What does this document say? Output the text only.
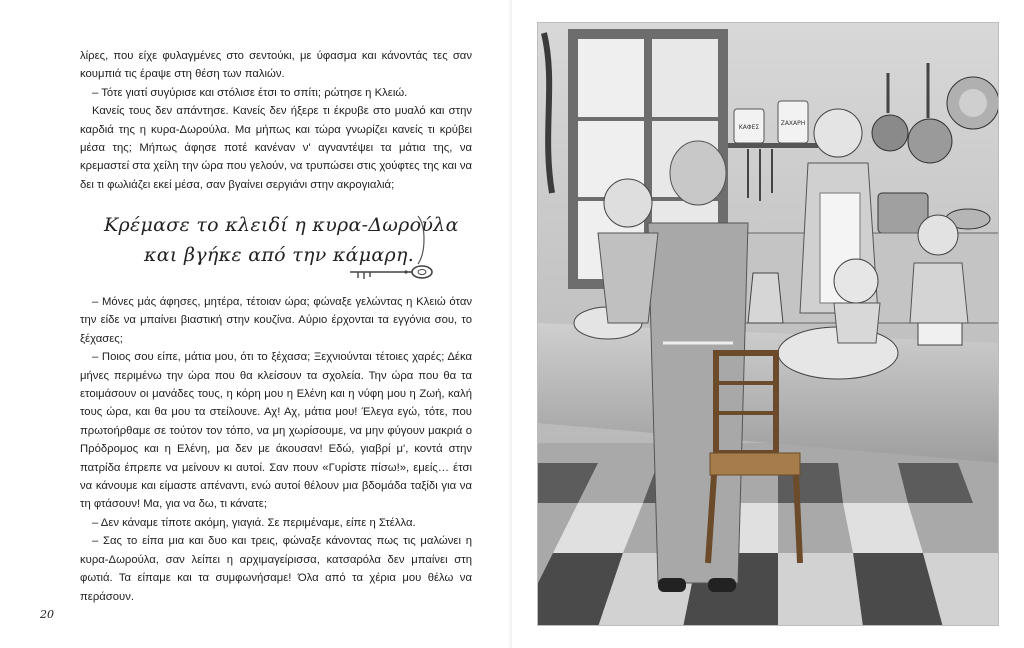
λίρες, που είχε φυλαγμένες στο σεντούκι, με ύφασμα και κάνοντάς τες σαν κουμπιά τις έραψε στη θέση των παλιών.

– Τότε γιατί συγύρισε και στόλισε έτσι το σπίτι; ρώτησε η Κλειώ.

Κανείς τους δεν απάντησε. Κανείς δεν ήξερε τι έκρυβε στο μυαλό και στην καρδιά της η κυρα-Δωρούλα. Μα μήπως και τώρα γνωρίζει κανείς τι κρύβει μέσα της; Μήπως άφησε ποτέ κανέναν ν' αγναντέψει τα μάτια της, να κρεμαστεί στα χείλη την ώρα που γελούν, να τρυπώσει στις χούφτες της και να δει τι φωλιάζει εκεί μέσα, σαν βγαίνει σεργιάνι στην ακρογιαλιά;

Κρέμασε το κλειδί η κυρα-Δωρούλα
και βγήκε από την κάμαρη.

– Μόνες μάς άφησες, μητέρα, τέτοιαν ώρα; φώναξε γελώντας η Κλειώ όταν την είδε να μπαίνει βιαστική στην κουζίνα. Αύριο έρχονται τα εγγόνια σου, το ξέχασες;

– Ποιος σου είπε, μάτια μου, ότι το ξέχασα; Ξεχνιούνται τέτοιες χαρές; Δέκα μήνες περιμένω την ώρα που θα κλείσουν τα σχολεία. Την ώρα που θα τα ετοιμάσουν οι μανάδες τους, η κόρη μου η Ελένη και η νύφη μου η Ζωή, καλή τους ώρα, και θα μου τα στείλουνε. Αχ! Αχ, μάτια μου! Έλεγα εγώ, τότε, που πρωτοήρθαμε σε τούτον τον τόπο, να μη χωρίσουμε, να μην φύγουν μακριά ο Πρόδρομος και η Ελένη, μα δεν με άκουσαν! Εδώ, γιαβρί μ', κοντά στην πατρίδα έπρεπε να μείνουν κι αυτοί. Σαν πουν «Γυρίστε πίσω!», εμείς… έτσι να κάνουμε και είμαστε απέναντι, ενώ αυτοί θέλουν μια βδομάδα ταξίδι για να τη φτάσουν! Μα, για να δω, τι κάνατε;

– Δεν κάναμε τίποτε ακόμη, γιαγιά. Σε περιμέναμε, είπε η Στέλλα.

– Σας το είπα μια και δυο και τρεις, φώναξε κάνοντας πως τις μαλώνει η κυρα-Δωρούλα, σαν λείπει η αρχιμαγείρισσα, κατσαρόλα δεν μπαίνει στη φωτιά. Τα είπαμε και τα συμφωνήσαμε! Όλα από τα χέρια μου θέλω να περάσουν.

20
ΚΑΦΕΣ
ΖΑΧΑΡΗ
